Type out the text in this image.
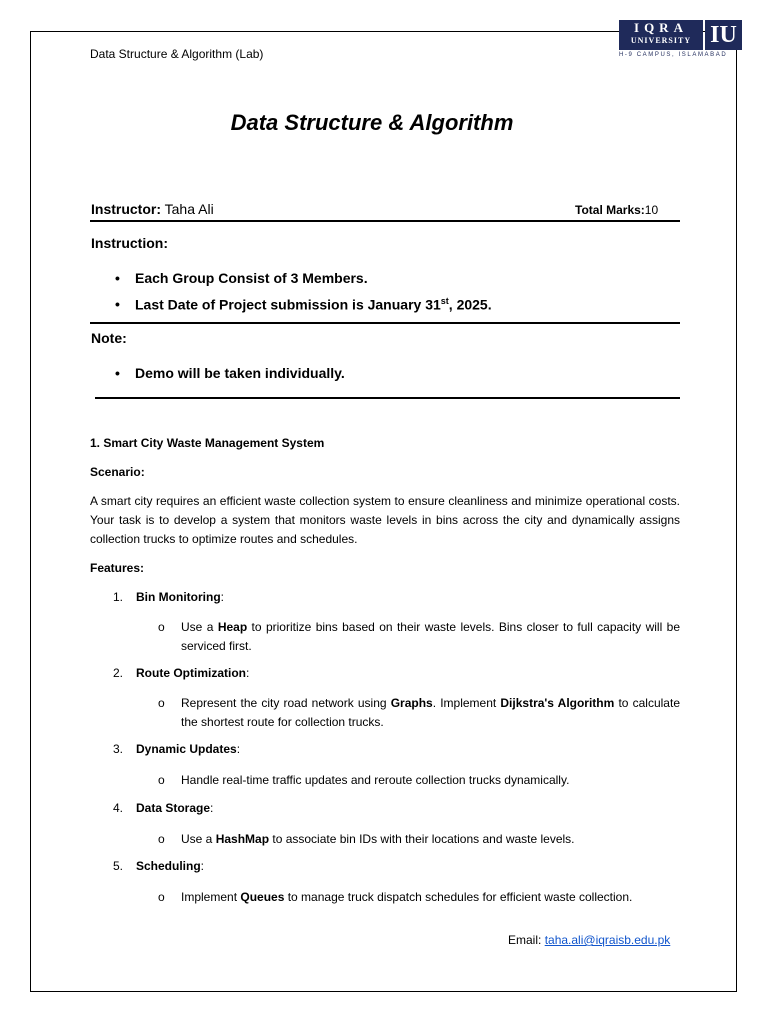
Data Structure & Algorithm (Lab)
IQRA
UNIVERSITY IU
H-9 CAMPUS, ISLAMABAD
Data Structure & Algorithm
Instructor: Taha Ali	Total Marks:10
Instruction:
•	Each Group Consist of 3 Members.
•	Last Date of Project submission is January 31st, 2025.
Note:
•	Demo will be taken individually.
1. Smart City Waste Management System
Scenario:
A smart city requires an efficient waste collection system to ensure cleanliness and minimize operational costs. Your task is to develop a system that monitors waste levels in bins across the city and dynamically assigns collection trucks to optimize routes and schedules.
Features:
1.	Bin Monitoring :
o	Use a Heap to prioritize bins based on their waste levels. Bins closer to full capacity will be serviced first.
2.	Route Optimization :
o	Represent the city road network using Graphs. Implement Dijkstra's Algorithm to calculate the shortest route for collection trucks.
3.	Dynamic Updates :
o	Handle real-time traffic updates and reroute collection trucks dynamically.
4.	Data Storage :
o	Use a HashMap to associate bin IDs with their locations and waste levels.
5.	Scheduling :
o	Implement Queues to manage truck dispatch schedules for efficient waste collection.
Email: taha.ali@iqraisb.edu.pk
